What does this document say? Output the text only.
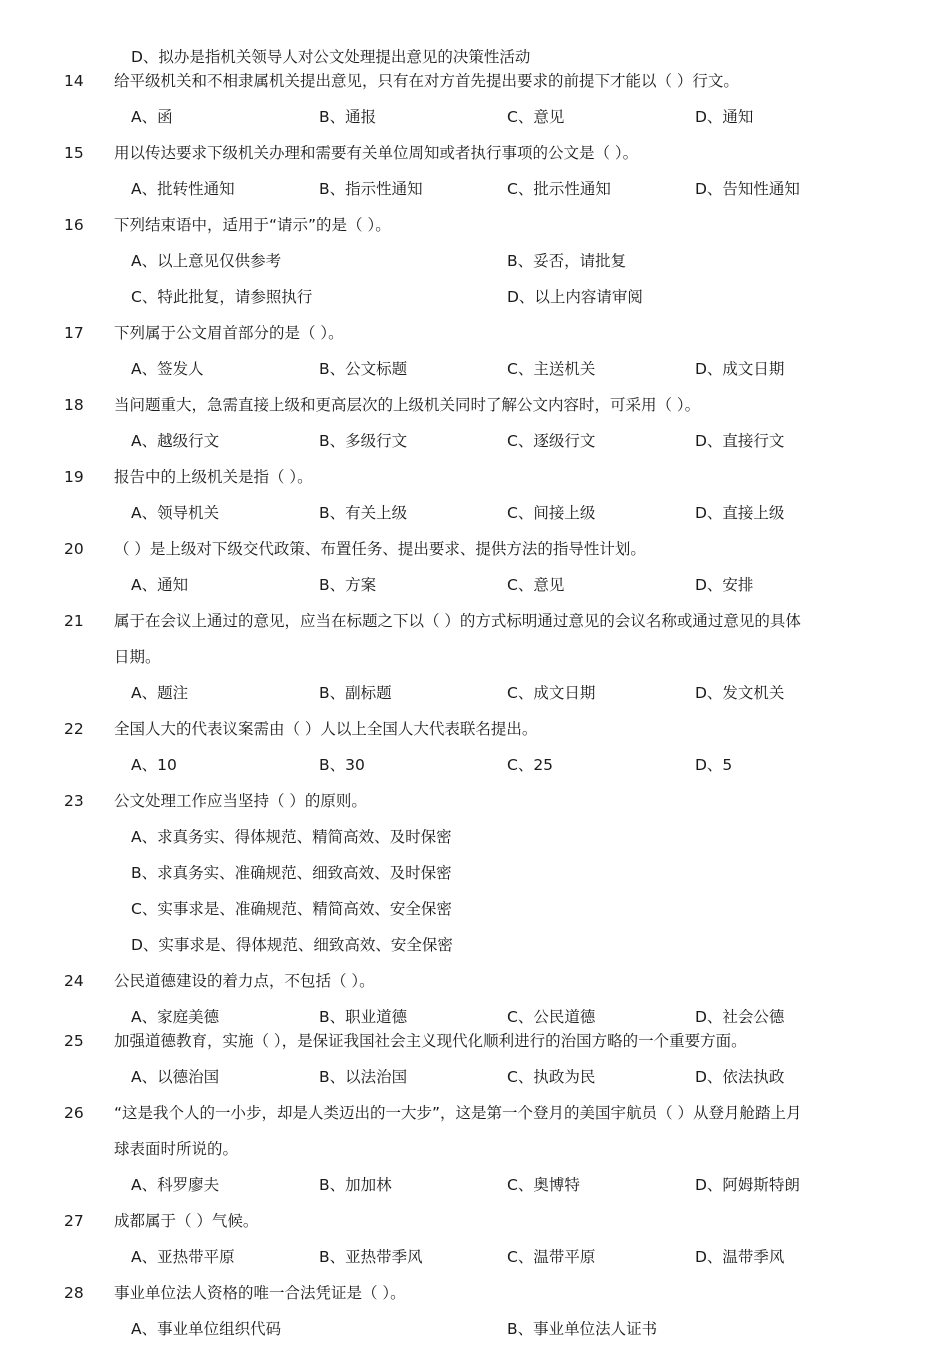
D、拟办是指机关领导人对公文处理提出意见的决策性活动
14 给平级机关和不相隶属机关提出意见，只有在对方首先提出要求的前提下才能以（ ）行文。
A、函	B、通报	C、意见	D、通知
15 用以传达要求下级机关办理和需要有关单位周知或者执行事项的公文是（ ）。
A、批转性通知	B、指示性通知	C、批示性通知	D、告知性通知
16 下列结束语中，适用于“请示”的是（ ）。
A、以上意见仅供参考	B、妥否，请批复
C、特此批复，请参照执行	D、以上内容请审阅
17 下列属于公文眉首部分的是（ ）。
A、签发人	B、公文标题	C、主送机关	D、成文日期
18 当问题重大，急需直接上级和更高层次的上级机关同时了解公文内容时，可采用（ ）。
A、越级行文	B、多级行文	C、逐级行文	D、直接行文
19 报告中的上级机关是指（ ）。
A、领导机关	B、有关上级	C、间接上级	D、直接上级
20 （ ）是上级对下级交代政策、布置任务、提出要求、提供方法的指导性计划。
A、通知	B、方案	C、意见	D、安排
21 属于在会议上通过的意见，应当在标题之下以（ ）的方式标明通过意见的会议名称或通过意见的具体
日期。
A、题注	B、副标题	C、成文日期	D、发文机关
22 全国人大的代表议案需由（ ）人以上全国人大代表联名提出。
A、10	B、30	C、25	D、5
23 公文处理工作应当坚持（ ）的原则。
A、求真务实、得体规范、精简高效、及时保密
B、求真务实、准确规范、细致高效、及时保密
C、实事求是、准确规范、精简高效、安全保密
D、实事求是、得体规范、细致高效、安全保密
24 公民道德建设的着力点，不包括（ ）。
A、家庭美德	B、职业道德	C、公民道德	D、社会公德
25 加强道德教育，实施（ ），是保证我国社会主义现代化顺利进行的治国方略的一个重要方面。
A、以德治国	B、以法治国	C、执政为民	D、依法执政
26 “这是我个人的一小步，却是人类迈出的一大步”，这是第一个登月的美国宇航员（ ）从登月舱踏上月
球表面时所说的。
A、科罗廖夫	B、加加林	C、奥博特	D、阿姆斯特朗
27 成都属于（ ）气候。
A、亚热带平原	B、亚热带季风	C、温带平原	D、温带季风
28 事业单位法人资格的唯一合法凭证是（ ）。
A、事业单位组织代码	B、事业单位法人证书
